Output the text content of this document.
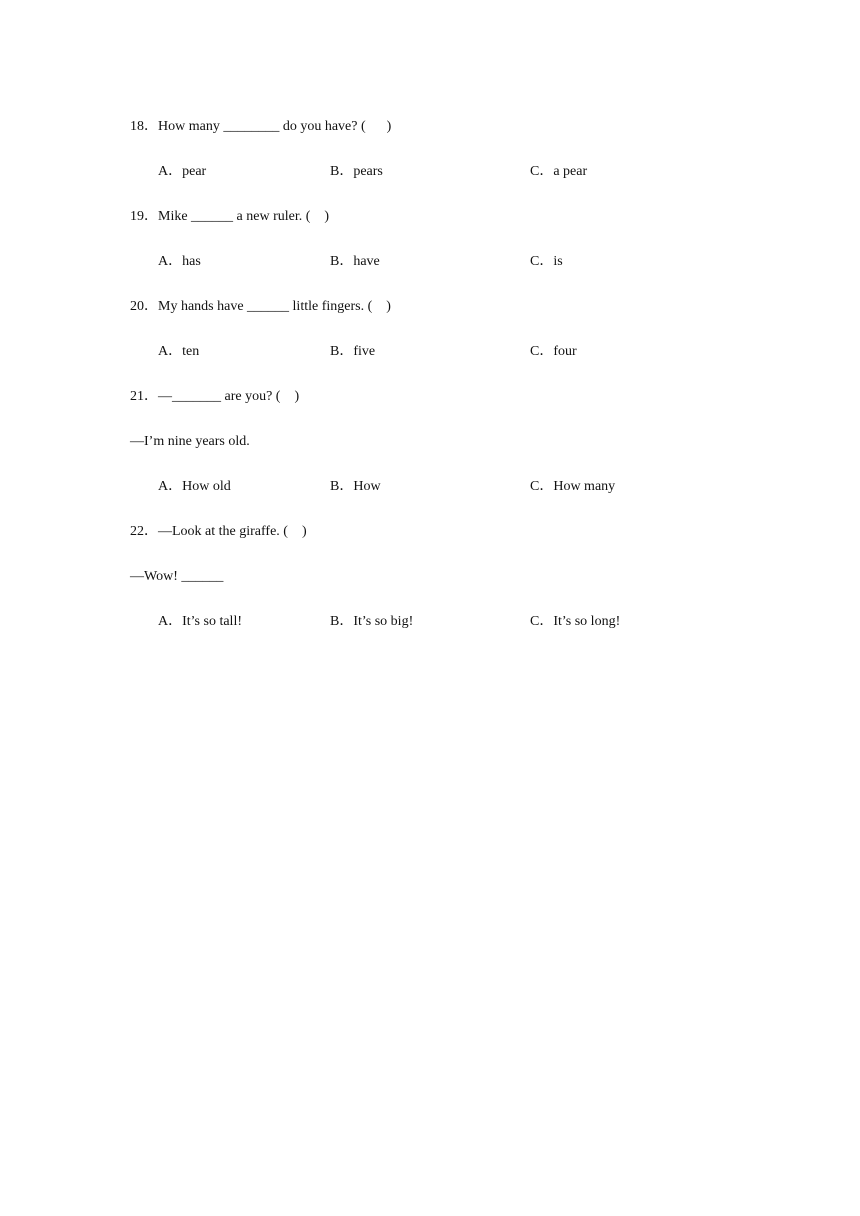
18．How many ________ do you have? (      )
A．pear	B．pears	C．a pear
19．Mike ______ a new ruler. (    )
A．has	B．have	C．is
20．My hands have ______ little fingers. (    )
A．ten	B．five	C．four
21．—_______ are you? (    )
—I’m nine years old.
A．How old	B．How	C．How many
22．—Look at the giraffe. (    )
—Wow! ______
A．It’s so tall!	B．It’s so big!	C．It’s so long!
